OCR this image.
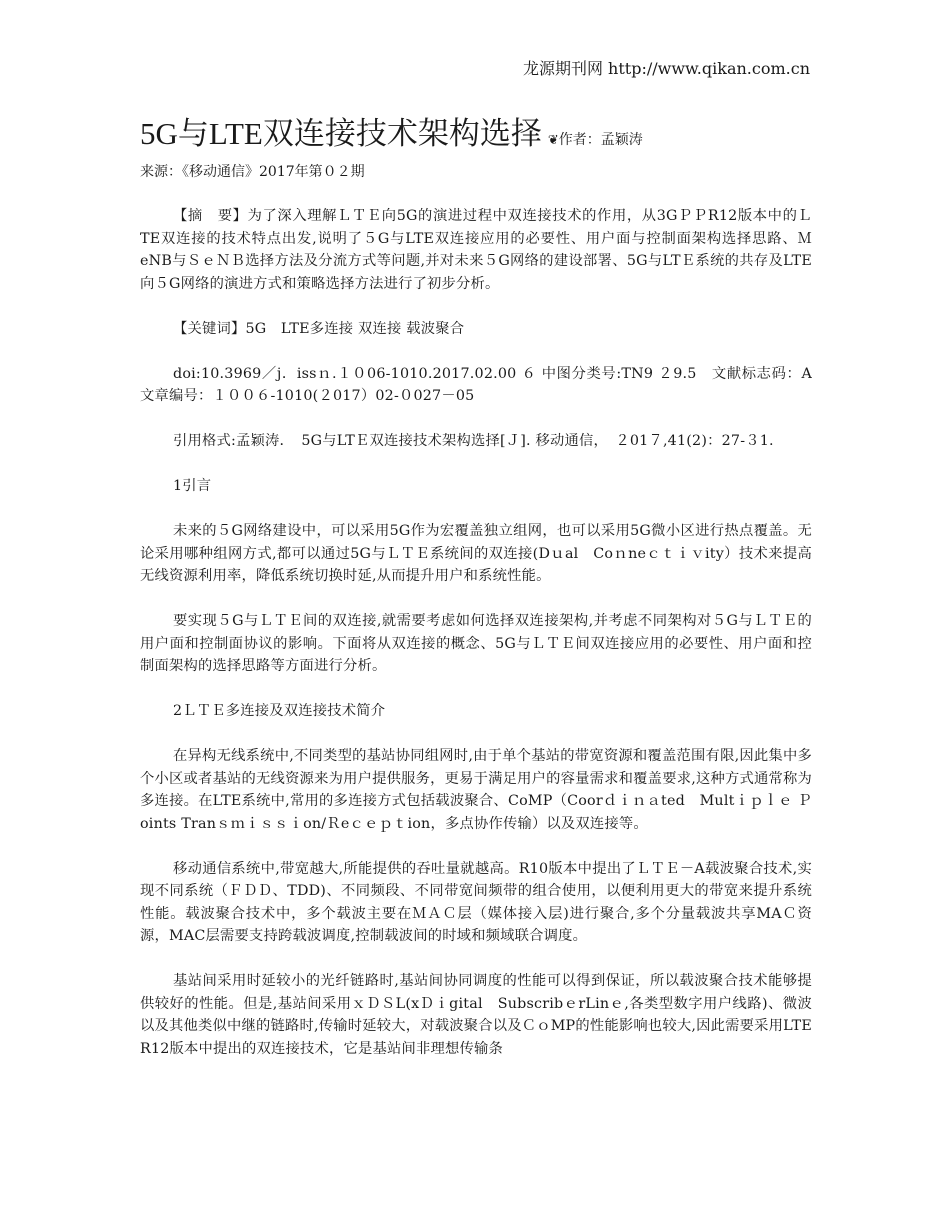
龙源期刊网 http://www.qikan.com.cn
5G与LTE双连接技术架构选择 ❦作者：孟颖涛
来源：《移动通信》2017年第０２期

【摘　要】为了深入理解ＬＴＥ向5G的演进过程中双连接技术的作用，从3GＰＰR12版本中的ＬTE双连接的技术特点出发,说明了５G与LTE双连接应用的必要性、用户面与控制面架构选择思路、ＭeNB与ＳｅＮＢ选择方法及分流方式等问题,并对未来５G网络的建设部署、5G与LTＥ系统的共存及LTE向５G网络的演进方式和策略选择方法进行了初步分析。

【关键词】5G　LTE多连接 双连接 载波聚合

doi:10.3969／j．issｎ.１０06-1010.2017.02.00 ６ 中图分类号:TN9 ２9.5　文献标志码：A 文章编号：１００６-1010(２017）02-０027－05

引用格式:孟颖涛．　5G与LTＥ双连接技术架构选择[Ｊ]. 移动通信，　２01７,41(2)：27-３1.

1引言

未来的５G网络建设中，可以采用5G作为宏覆盖独立组网，也可以采用5G微小区进行热点覆盖。无论采用哪种组网方式,都可以通过5G与ＬＴＥ系统间的双连接(Dｕal　Coｎneｃｔｉｖity）技术来提高无线资源利用率，降低系统切换时延,从而提升用户和系统性能。

要实现５G与ＬＴＥ间的双连接,就需要考虑如何选择双连接架构,并考虑不同架构对５G与ＬＴＥ的用户面和控制面协议的影响。下面将从双连接的概念、5G与ＬＴＥ间双连接应用的必要性、用户面和控制面架构的选择思路等方面进行分析。

2ＬＴＥ多连接及双连接技术简介

在异构无线系统中,不同类型的基站协同组网时,由于单个基站的带宽资源和覆盖范围有限,因此集中多个小区或者基站的无线资源来为用户提供服务，更易于满足用户的容量需求和覆盖要求,这种方式通常称为多连接。在LTE系统中,常用的多连接方式包括载波聚合、CoMP（Coorｄｉｎａted　Multｉｐｌｅ Ｐoints Tranｓｍｉｓｓｉon/Ｒeｃｅｐｔion，多点协作传输）以及双连接等。

移动通信系统中,带宽越大,所能提供的吞吐量就越高。R10版本中提出了ＬＴＥ－A载波聚合技术,实现不同系统（ＦＤＤ、TDD)、不同频段、不同带宽间频带的组合使用，以便利用更大的带宽来提升系统性能。载波聚合技术中，多个载波主要在ＭＡＣ层（媒体接入层)进行聚合,多个分量载波共享MAＣ资源，MAC层需要支持跨载波调度,控制载波间的时域和频域联合调度。

基站间采用时延较小的光纤链路时,基站间协同调度的性能可以得到保证，所以载波聚合技术能够提供较好的性能。但是,基站间采用ｘＤＳL(xＤｉgital　SubscribｅrLinｅ,各类型数字用户线路)、微波以及其他类似中继的链路时,传输时延较大，对载波聚合以及ＣｏMP的性能影响也较大,因此需要采用LTE R12版本中提出的双连接技术，它是基站间非理想传输条
